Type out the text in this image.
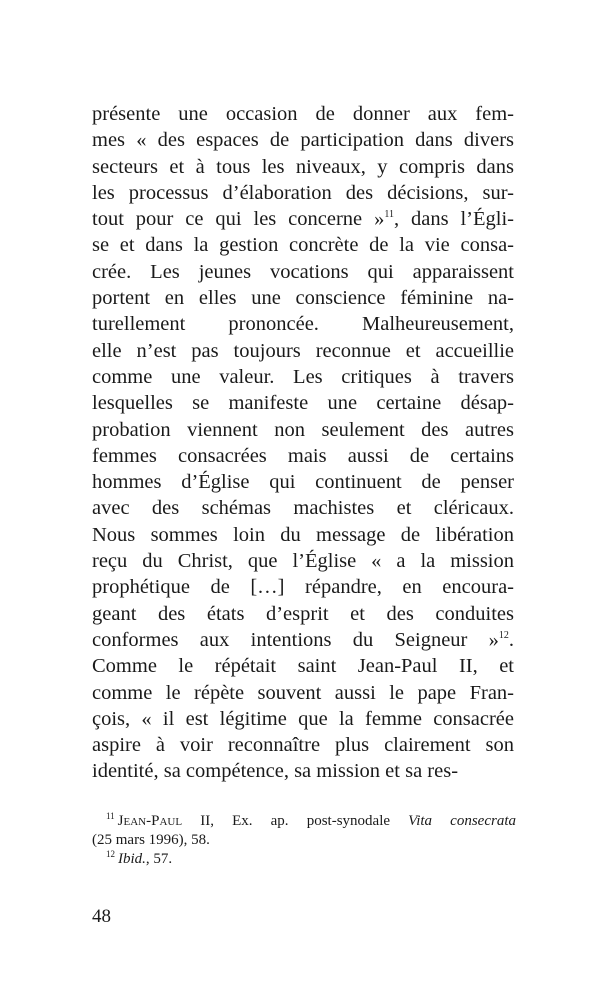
présente une occasion de donner aux fem-
mes « des espaces de participation dans divers
secteurs et à tous les niveaux, y compris dans
les processus d’élaboration des décisions, sur-
tout pour ce qui les concerne »$^{11}$, dans l’Égli-
se et dans la gestion concrète de la vie consa-
crée. Les jeunes vocations qui apparaissent
portent en elles une conscience féminine na-
turellement prononcée. Malheureusement,
elle n’est pas toujours reconnue et accueillie
comme une valeur. Les critiques à travers
lesquelles se manifeste une certaine désap-
probation viennent non seulement des autres
femmes consacrées mais aussi de certains
hommes d’Église qui continuent de penser
avec des schémas machistes et cléricaux.
Nous sommes loin du message de libération
reçu du Christ, que l’Église « a la mission
prophétique de […] répandre, en encoura-
geant des états d’esprit et des conduites
conformes aux intentions du Seigneur »$^{12}$.
Comme le répétait saint Jean-Paul II, et
comme le répète souvent aussi le pape Fran-
çois, « il est légitime que la femme consacrée
aspire à voir reconnaître plus clairement son
identité, sa compétence, sa mission et sa res-
$^{11}$ Jean-Paul II, Ex. ap. post-synodale Vita consecrata
(25 mars 1996), 58.
$^{12}$ Ibid., 57.
48
